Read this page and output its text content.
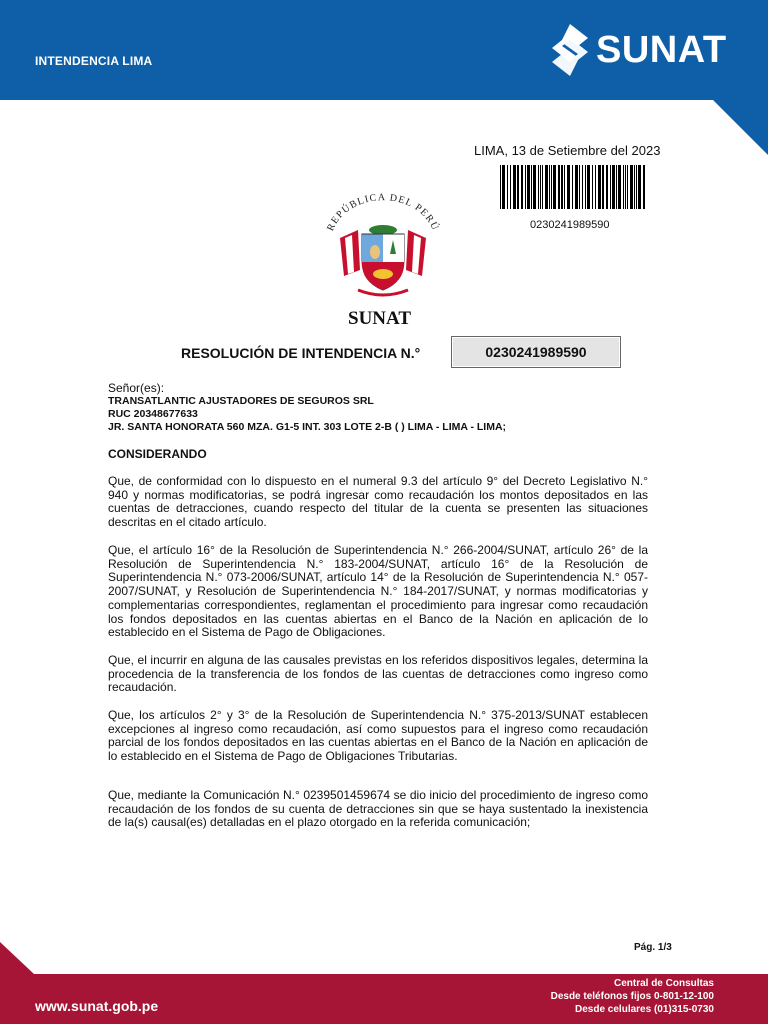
INTENDENCIA LIMA	SUNAT
LIMA, 13 de Setiembre del 2023
0230241989590
REPÚBLICA DEL PERÚ
SUNAT
RESOLUCIÓN DE INTENDENCIA N.°	0230241989590
Señor(es):
TRANSATLANTIC AJUSTADORES DE SEGUROS SRL
RUC 20348677633
JR. SANTA HONORATA 560 MZA. G1-5 INT. 303 LOTE 2-B ( ) LIMA - LIMA - LIMA;
CONSIDERANDO

Que, de conformidad con lo dispuesto en el numeral 9.3 del artículo 9° del Decreto Legislativo N.° 940 y normas modificatorias, se podrá ingresar como recaudación los montos depositados en las cuentas de detracciones, cuando respecto del titular de la cuenta se presenten las situaciones descritas en el citado artículo.

Que, el artículo 16° de la Resolución de Superintendencia N.° 266-2004/SUNAT, artículo 26° de la Resolución de Superintendencia N.° 183-2004/SUNAT, artículo 16° de la Resolución de Superintendencia N.° 073-2006/SUNAT, artículo 14° de la Resolución de Superintendencia N.° 057-2007/SUNAT, y Resolución de Superintendencia N.° 184-2017/SUNAT, y normas modificatorias y complementarias correspondientes, reglamentan el procedimiento para ingresar como recaudación los fondos depositados en las cuentas abiertas en el Banco de la Nación en aplicación de lo establecido en el Sistema de Pago de Obligaciones.

Que, el incurrir en alguna de las causales previstas en los referidos dispositivos legales, determina la procedencia de la transferencia de los fondos de las cuentas de detracciones como ingreso como recaudación.

Que, los artículos 2° y 3° de la Resolución de Superintendencia N.° 375-2013/SUNAT establecen excepciones al ingreso como recaudación, así como supuestos para el ingreso como recaudación parcial de los fondos depositados en las cuentas abiertas en el Banco de la Nación en aplicación de lo establecido en el Sistema de Pago de Obligaciones Tributarias.

Que, mediante la Comunicación N.° 0239501459674 se dio inicio del procedimiento de ingreso como recaudación de los fondos de su cuenta de detracciones sin que se haya sustentado la inexistencia de la(s) causal(es) detalladas en el plazo otorgado en la referida comunicación;

Pág. 1/3
www.sunat.gob.pe
Central de Consultas
Desde teléfonos fijos 0-801-12-100
Desde celulares (01)315-0730
